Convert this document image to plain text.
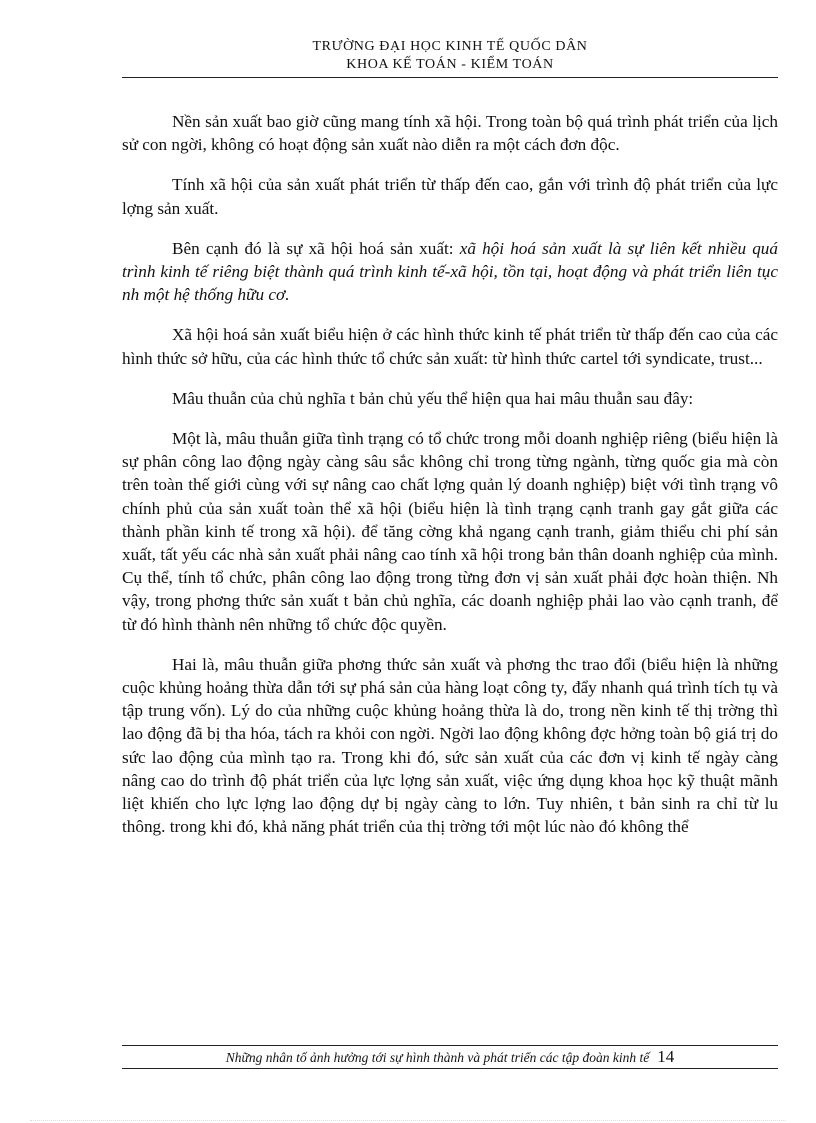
TRƯỜNG ĐẠI HỌC KINH TẾ QUỐC DÂN
KHOA KẾ TOÁN - KIỂM TOÁN

Nền sản xuất bao giờ cũng mang tính xã hội. Trong toàn bộ quá trình phát triển của lịch sử con ngời, không có hoạt động sản xuất nào diễn ra một cách đơn độc.

Tính xã hội của sản xuất phát triển từ thấp đến cao, gắn với trình độ phát triển của lực lợng sản xuất.

Bên cạnh đó là sự xã hội hoá sản xuất: xã hội hoá sản xuất là sự liên kết nhiều quá trình kinh tế riêng biệt thành quá trình kinh tế-xã hội, tồn tại, hoạt động và phát triển liên tục nh một hệ thống hữu cơ.

Xã hội hoá sản xuất biểu hiện ở các hình thức kinh tế phát triển từ thấp đến cao của các hình thức sở hữu, của các hình thức tổ chức sản xuất: từ hình thức cartel tới syndicate, trust...

Mâu thuẫn của chủ nghĩa t bản chủ yếu thể hiện qua hai mâu thuẫn sau đây:

Một là, mâu thuẫn giữa tình trạng có tổ chức trong mỗi doanh nghiệp riêng (biểu hiện là sự phân công lao động ngày càng sâu sắc không chỉ trong từng ngành, từng quốc gia mà còn trên toàn thế giới cùng với sự nâng cao chất lợng quản lý doanh nghiệp) biệt với tình trạng vô chính phủ của sản xuất toàn thể xã hội (biểu hiện là tình trạng cạnh tranh gay gắt giữa các thành phần kinh tế trong xã hội). để tăng cờng khả ngang cạnh tranh, giảm thiểu chi phí sản xuất, tất yếu các nhà sản xuất phải nâng cao tính xã hội trong bản thân doanh nghiệp của mình. Cụ thể, tính tổ chức, phân công lao động trong từng đơn vị sản xuất phải đợc hoàn thiện. Nh vậy, trong phơng thức sản xuất t bản chủ nghĩa, các doanh nghiệp phải lao vào cạnh tranh, để từ đó hình thành nên những tổ chức độc quyền.

Hai là, mâu thuẫn giữa phơng thức sản xuất và phơng thc trao đổi (biểu hiện là những cuộc khủng hoảng thừa dẫn tới sự phá sản của hàng loạt công ty, đẩy nhanh quá trình tích tụ và tập trung vốn). Lý do của những cuộc khủng hoảng thừa là do, trong nền kinh tế thị trờng thì lao động đã bị tha hóa, tách ra khỏi con ngời. Ngời lao động không đợc hởng toàn bộ giá trị do sức lao động của mình tạo ra. Trong khi đó, sức sản xuất của các đơn vị kinh tế ngày càng nâng cao do trình độ phát triển của lực lợng sản xuất, việc ứng dụng khoa học kỹ thuật mãnh liệt khiến cho lực lợng lao động dự bị ngày càng to lớn. Tuy nhiên, t bản sinh ra chỉ từ lu thông. trong khi đó, khả năng phát triển của thị trờng tới một lúc nào đó không thể

Những nhân tố ảnh hưởng tới sự hình thành và phát triển các tập đoàn kinh tế 14
